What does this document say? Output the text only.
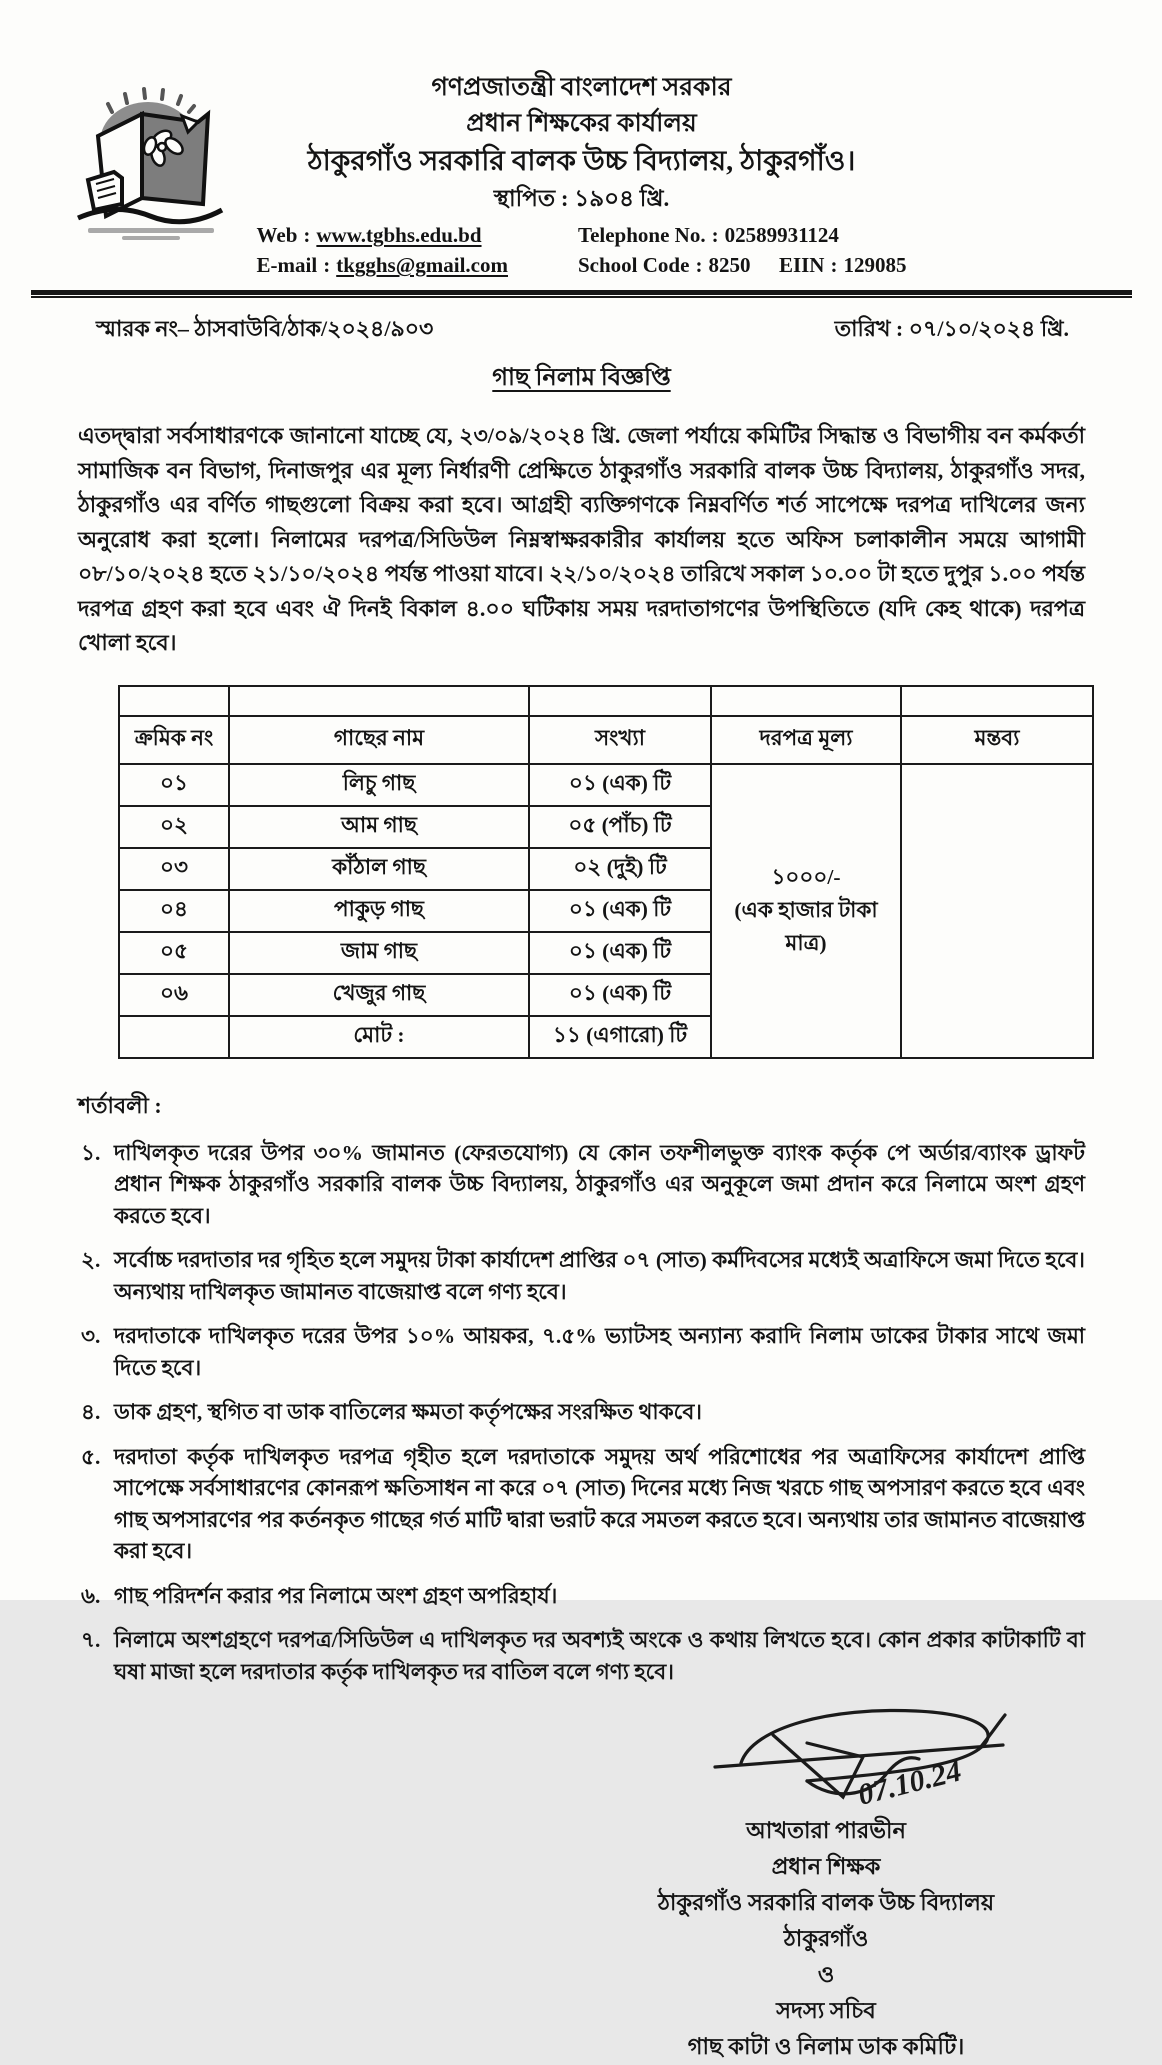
গণপ্রজাতন্ত্রী বাংলাদেশ সরকার
প্রধান শিক্ষকের কার্যালয়
ঠাকুরগাঁও সরকারি বালক উচ্চ বিদ্যালয়, ঠাকুরগাঁও।
স্থাপিত : ১৯০৪ খ্রি.
Web : www.tgbhs.edu.bd
E-mail : tkgghs@gmail.com
Telephone No. : 02589931124
School Code : 8250 EIIN : 129085
স্মারক নং– ঠাসবাউবি/ঠাক/২০২৪/৯০৩	তারিখ : ০৭/১০/২০২৪ খ্রি.
গাছ নিলাম বিজ্ঞপ্তি
এতদ্দ্বারা সর্বসাধারণকে জানানো যাচ্ছে যে, ২৩/০৯/২০২৪ খ্রি. জেলা পর্যায়ে কমিটির সিদ্ধান্ত ও বিভাগীয় বন কর্মকর্তা সামাজিক বন বিভাগ, দিনাজপুর এর মূল্য নির্ধারণী প্রেক্ষিতে ঠাকুরগাঁও সরকারি বালক উচ্চ বিদ্যালয়, ঠাকুরগাঁও সদর, ঠাকুরগাঁও এর বর্ণিত গাছগুলো বিক্রয় করা হবে। আগ্রহী ব্যক্তিগণকে নিম্নবর্ণিত শর্ত সাপেক্ষে দরপত্র দাখিলের জন্য অনুরোধ করা হলো। নিলামের দরপত্র/সিডিউল নিম্নস্বাক্ষরকারীর কার্যালয় হতে অফিস চলাকালীন সময়ে আগামী ০৮/১০/২০২৪ হতে ২১/১০/২০২৪ পর্যন্ত পাওয়া যাবে। ২২/১০/২০২৪ তারিখে সকাল ১০.০০ টা হতে দুপুর ১.০০ পর্যন্ত দরপত্র গ্রহণ করা হবে এবং ঐ দিনই বিকাল ৪.০০ ঘটিকায় সময় দরদাতাগণের উপস্থিতিতে (যদি কেহ থাকে) দরপত্র খোলা হবে।

ক্রমিক নং	গাছের নাম	সংখ্যা	দরপত্র মূল্য	মন্তব্য
০১	লিচু গাছ	০১ (এক) টি	১০০০/-
(এক হাজার টাকা
মাত্র)	

০২	আম গাছ	০৫ (পাঁচ) টি		
০৩	কাঁঠাল গাছ	০২ (দুই) টি		
০৪	পাকুড় গাছ	০১ (এক) টি		
০৫	জাম গাছ	০১ (এক) টি		
০৬	খেজুর গাছ	০১ (এক) টি		
	মোট :	১১ (এগারো) টি		
শর্তাবলী :
১. দাখিলকৃত দরের উপর ৩০% জামানত (ফেরতযোগ্য) যে কোন তফশীলভুক্ত ব্যাংক কর্তৃক পে অর্ডার/ব্যাংক ড্রাফট প্রধান শিক্ষক ঠাকুরগাঁও সরকারি বালক উচ্চ বিদ্যালয়, ঠাকুরগাঁও এর অনুকূলে জমা প্রদান করে নিলামে অংশ গ্রহণ করতে হবে।
২. সর্বোচ্চ দরদাতার দর গৃহিত হলে সমুদয় টাকা কার্যাদেশ প্রাপ্তির ০৭ (সাত) কর্মদিবসের মধ্যেই অত্রাফিসে জমা দিতে হবে। অন্যথায় দাখিলকৃত জামানত বাজেয়াপ্ত বলে গণ্য হবে।
৩. দরদাতাকে দাখিলকৃত দরের উপর ১০% আয়কর, ৭.৫% ভ্যাটসহ অন্যান্য করাদি নিলাম ডাকের টাকার সাথে জমা দিতে হবে।
৪. ডাক গ্রহণ, স্থগিত বা ডাক বাতিলের ক্ষমতা কর্তৃপক্ষের সংরক্ষিত থাকবে।
৫. দরদাতা কর্তৃক দাখিলকৃত দরপত্র গৃহীত হলে দরদাতাকে সমুদয় অর্থ পরিশোধের পর অত্রাফিসের কার্যাদেশ প্রাপ্তি সাপেক্ষে সর্বসাধারণের কোনরূপ ক্ষতিসাধন না করে ০৭ (সাত) দিনের মধ্যে নিজ খরচে গাছ অপসারণ করতে হবে এবং গাছ অপসারণের পর কর্তনকৃত গাছের গর্ত মাটি দ্বারা ভরাট করে সমতল করতে হবে। অন্যথায় তার জামানত বাজেয়াপ্ত করা হবে।
৬. গাছ পরিদর্শন করার পর নিলামে অংশ গ্রহণ অপরিহার্য।
৭. নিলামে অংশগ্রহণে দরপত্র/সিডিউল এ দাখিলকৃত দর অবশ্যই অংকে ও কথায় লিখতে হবে। কোন প্রকার কাটাকাটি বা ঘষা মাজা হলে দরদাতার কর্তৃক দাখিলকৃত দর বাতিল বলে গণ্য হবে।
07.10.24
আখতারা পারভীন
প্রধান শিক্ষক
ঠাকুরগাঁও সরকারি বালক উচ্চ বিদ্যালয়
ঠাকুরগাঁও
ও
সদস্য সচিব
গাছ কাটা ও নিলাম ডাক কমিটি।
